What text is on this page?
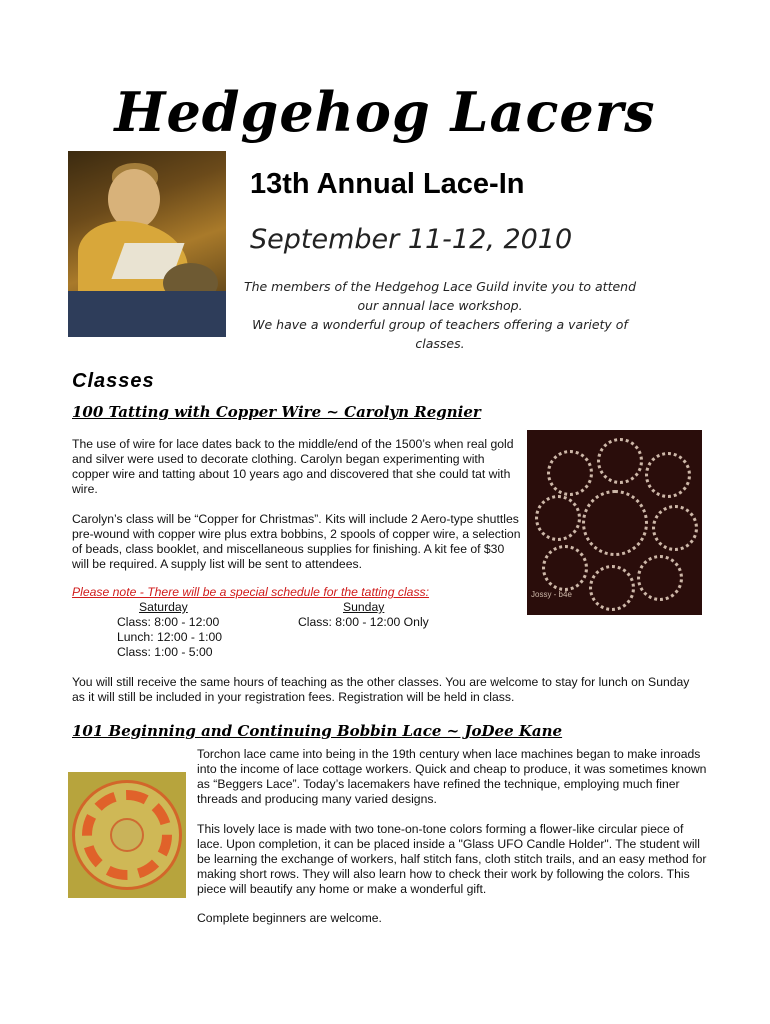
Hedgehog Lacers
13th Annual Lace-In
September 11-12, 2010
The members of the Hedgehog Lace Guild invite you to attend
our annual lace workshop.
We have a wonderful group of teachers offering a variety of
classes.
Classes
100 Tatting with Copper Wire ~ Carolyn Regnier
The use of wire for lace dates back to the middle/end of the 1500’s when real gold and silver were used to decorate clothing. Carolyn began experimenting with copper wire and tatting about 10 years ago and discovered that she could tat with wire.
Carolyn’s class will be “Copper for Christmas”. Kits will include 2 Aero-type shuttles pre-wound with copper wire plus extra bobbins, 2 spools of copper wire, a selection of beads, class booklet, and miscellaneous supplies for finishing. A kit fee of $30 will be required. A supply list will be sent to attendees.
Please note - There will be a special schedule for the tatting class:
Saturday	Sunday
Class: 8:00 - 12:00
Lunch: 12:00 - 1:00
Class: 1:00 - 5:00
Class: 8:00 - 12:00 Only
You will still receive the same hours of teaching as the other classes. You are welcome to stay for lunch on Sunday as it will still be included in your registration fees. Registration will be held in class.
Jossy - b4e
101 Beginning and Continuing Bobbin Lace ~ JoDee Kane
Torchon lace came into being in the 19th century when lace machines began to make inroads into the income of lace cottage workers. Quick and cheap to produce, it was sometimes known as “Beggers Lace”. Today’s lacemakers have refined the technique, employing much finer threads and producing many varied designs.
This lovely lace is made with two tone-on-tone colors forming a flower-like circular piece of lace. Upon completion, it can be placed inside a "Glass UFO Candle Holder". The student will be learning the exchange of workers, half stitch fans, cloth stitch trails, and an easy method for making short rows. They will also learn how to check their work by following the colors. This piece will beautify any home or make a wonderful gift.
Complete beginners are welcome.
